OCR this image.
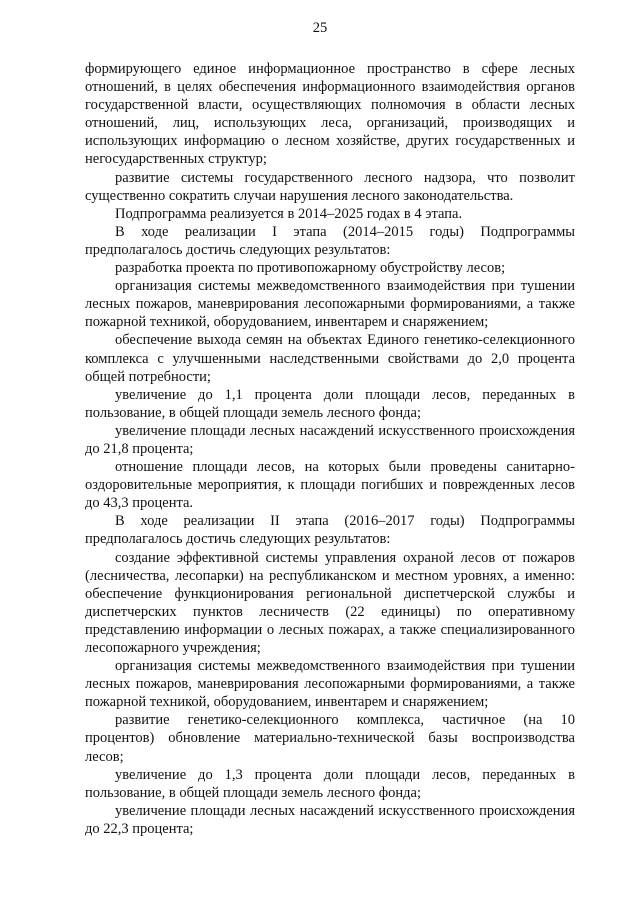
25

формирующего единое информационное пространство в сфере лесных отношений, в целях обеспечения информационного взаимодействия органов государственной власти, осуществляющих полномочия в области лесных отношений, лиц, использующих леса, организаций, производящих и использующих информацию о лесном хозяйстве, других государственных и негосударственных структур;

развитие системы государственного лесного надзора, что позволит существенно сократить случаи нарушения лесного законодательства.

Подпрограмма реализуется в 2014–2025 годах в 4 этапа.

В ходе реализации I этапа (2014–2015 годы) Подпрограммы предполагалось достичь следующих результатов:

разработка проекта по противопожарному обустройству лесов;

организация системы межведомственного взаимодействия при тушении лесных пожаров, маневрирования лесопожарными формированиями, а также пожарной техникой, оборудованием, инвентарем и снаряжением;

обеспечение выхода семян на объектах Единого генетико-селекционного комплекса с улучшенными наследственными свойствами до 2,0 процента общей потребности;

увеличение до 1,1 процента доли площади лесов, переданных в пользование, в общей площади земель лесного фонда;

увеличение площади лесных насаждений искусственного происхождения до 21,8 процента;

отношение площади лесов, на которых были проведены санитарно-оздоровительные мероприятия, к площади погибших и поврежденных лесов до 43,3 процента.

В ходе реализации II этапа (2016–2017 годы) Подпрограммы предполагалось достичь следующих результатов:

создание эффективной системы управления охраной лесов от пожаров (лесничества, лесопарки) на республиканском и местном уровнях, а именно: обеспечение функционирования региональной диспетчерской службы и диспетчерских пунктов лесничеств (22 единицы) по оперативному представлению информации о лесных пожарах, а также специализированного лесопожарного учреждения;

организация системы межведомственного взаимодействия при тушении лесных пожаров, маневрирования лесопожарными формированиями, а также пожарной техникой, оборудованием, инвентарем и снаряжением;

развитие генетико-селекционного комплекса, частичное (на 10 процентов) обновление материально-технической базы воспроизводства лесов;

увеличение до 1,3 процента доли площади лесов, переданных в пользование, в общей площади земель лесного фонда;

увеличение площади лесных насаждений искусственного происхождения до 22,3 процента;
